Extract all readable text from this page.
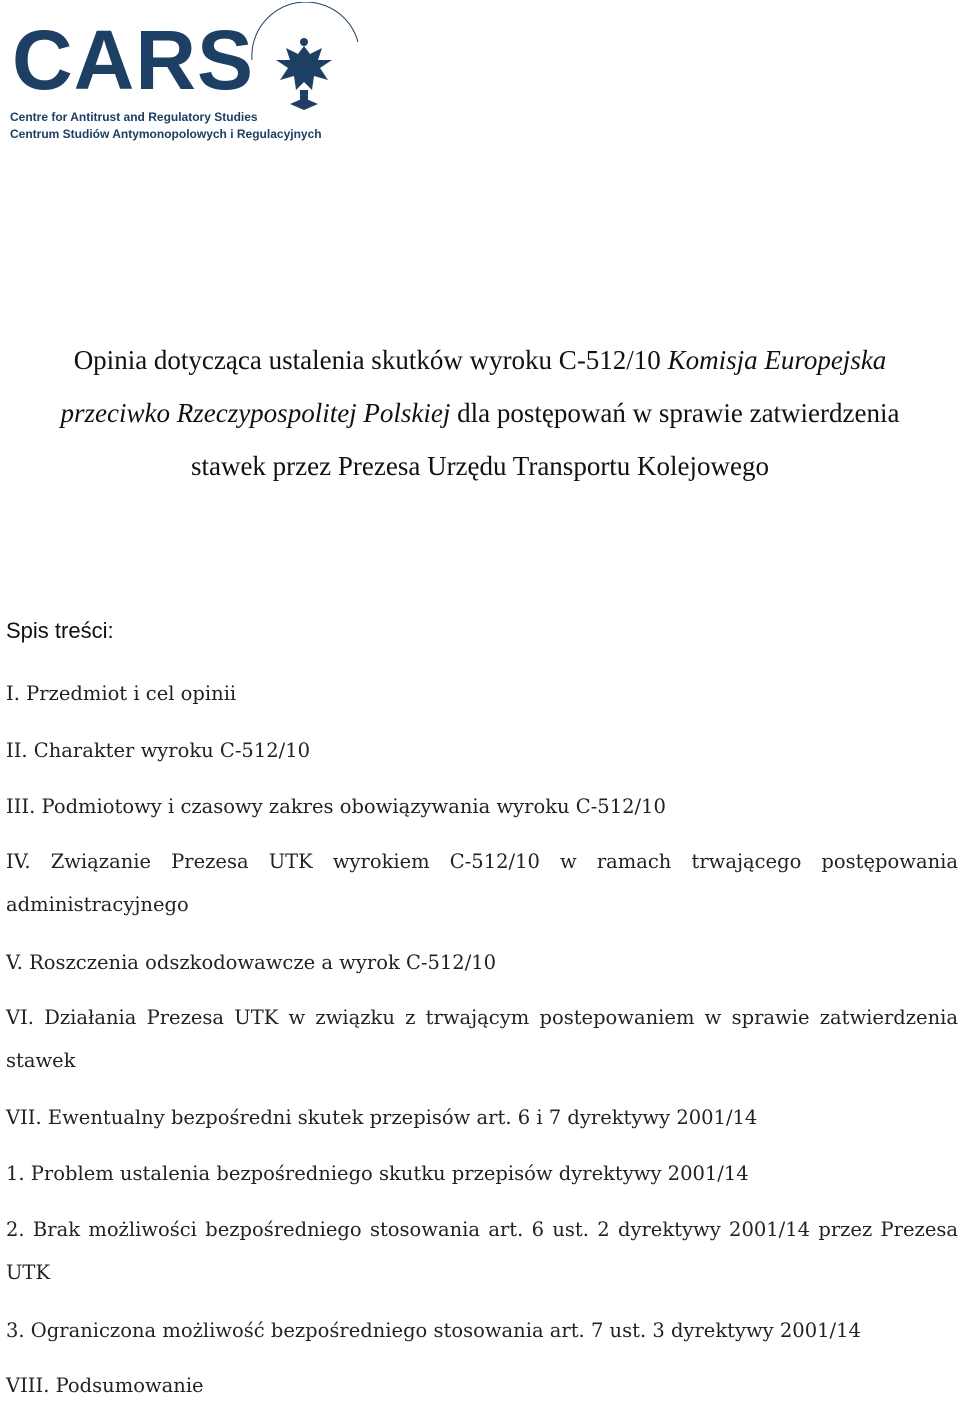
CARS
Centre for Antitrust and Regulatory Studies
Centrum Studiów Antymonopolowych i Regulacyjnych
Opinia dotycząca ustalenia skutków wyroku C-512/10 Komisja Europejska
przeciwko Rzeczypospolitej Polskiej dla postępowań w sprawie zatwierdzenia
stawek przez Prezesa Urzędu Transportu Kolejowego
Spis treści:
I. Przedmiot i cel opinii
II. Charakter wyroku C-512/10
III. Podmiotowy i czasowy zakres obowiązywania wyroku C-512/10
IV. Związanie Prezesa UTK wyrokiem C-512/10 w ramach trwającego postępowania administracyjnego
V. Roszczenia odszkodowawcze a wyrok C-512/10
VI. Działania Prezesa UTK w związku z trwającym postepowaniem w sprawie zatwierdzenia stawek
VII. Ewentualny bezpośredni skutek przepisów art. 6 i 7 dyrektywy 2001/14
1. Problem ustalenia bezpośredniego skutku przepisów dyrektywy 2001/14
2. Brak możliwości bezpośredniego stosowania art. 6 ust. 2 dyrektywy 2001/14 przez Prezesa UTK
3. Ograniczona możliwość bezpośredniego stosowania art. 7 ust. 3 dyrektywy 2001/14
VIII. Podsumowanie
